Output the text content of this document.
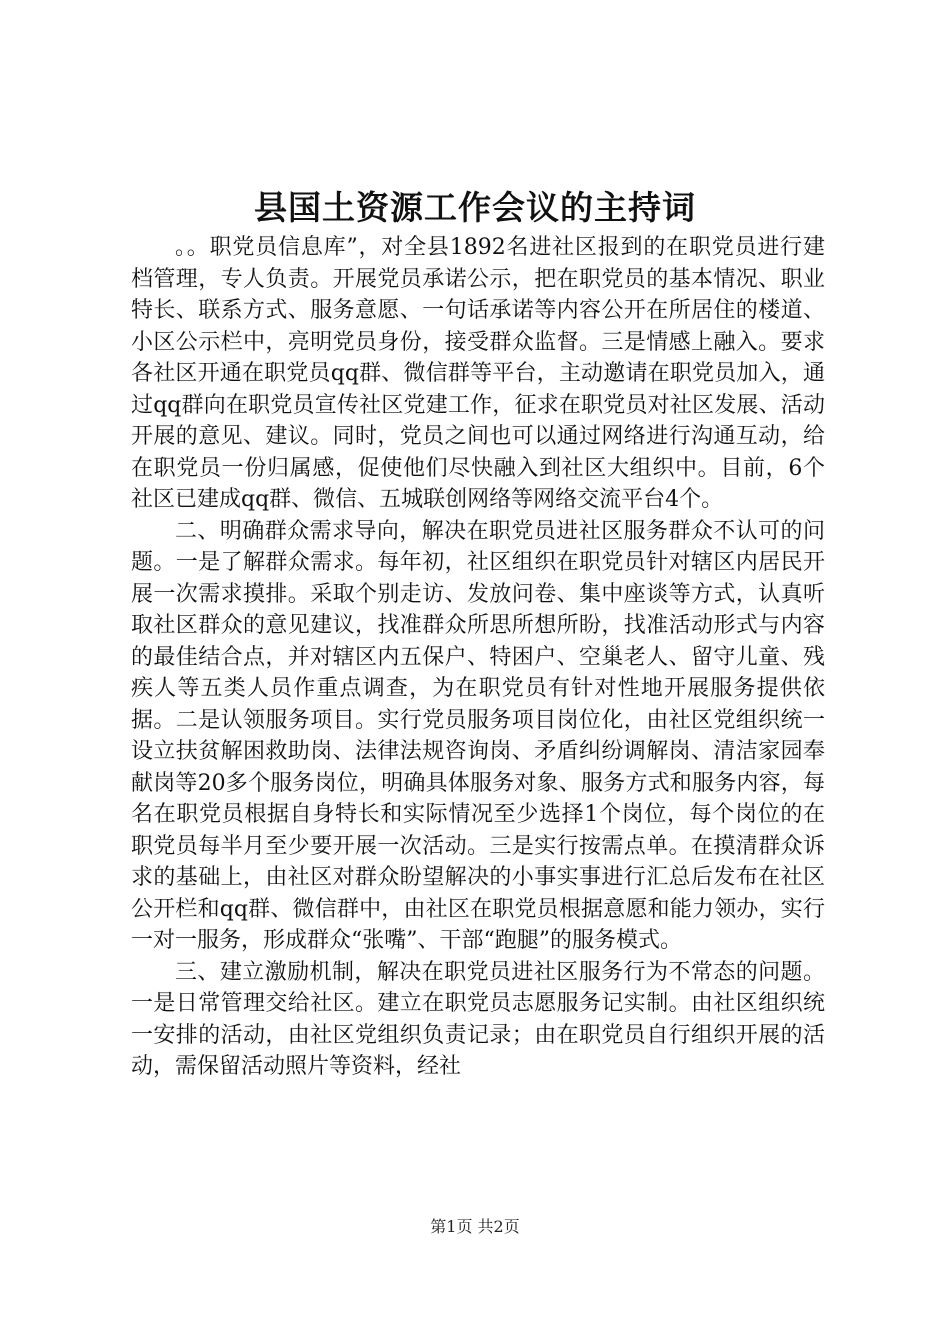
县国土资源工作会议的主持词

。。职党员信息库”，对全县1892名进社区报到的在职党员进行建档管理，专人负责。开展党员承诺公示，把在职党员的基本情况、职业特长、联系方式、服务意愿、一句话承诺等内容公开在所居住的楼道、小区公示栏中，亮明党员身份，接受群众监督。三是情感上融入。要求各社区开通在职党员qq群、微信群等平台，主动邀请在职党员加入，通过qq群向在职党员宣传社区党建工作，征求在职党员对社区发展、活动开展的意见、建议。同时，党员之间也可以通过网络进行沟通互动，给在职党员一份归属感，促使他们尽快融入到社区大组织中。目前，6个社区已建成qq群、微信、五城联创网络等网络交流平台4个。

二、明确群众需求导向，解决在职党员进社区服务群众不认可的问题。一是了解群众需求。每年初，社区组织在职党员针对辖区内居民开展一次需求摸排。采取个别走访、发放问卷、集中座谈等方式，认真听取社区群众的意见建议，找准群众所思所想所盼，找准活动形式与内容的最佳结合点，并对辖区内五保户、特困户、空巢老人、留守儿童、残疾人等五类人员作重点调查，为在职党员有针对性地开展服务提供依据。二是认领服务项目。实行党员服务项目岗位化，由社区党组织统一设立扶贫解困救助岗、法律法规咨询岗、矛盾纠纷调解岗、清洁家园奉献岗等20多个服务岗位，明确具体服务对象、服务方式和服务内容，每名在职党员根据自身特长和实际情况至少选择1个岗位，每个岗位的在职党员每半月至少要开展一次活动。三是实行按需点单。在摸清群众诉求的基础上，由社区对群众盼望解决的小事实事进行汇总后发布在社区公开栏和qq群、微信群中，由社区在职党员根据意愿和能力领办，实行一对一服务，形成群众“张嘴”、干部“跑腿”的服务模式。

三、建立激励机制，解决在职党员进社区服务行为不常态的问题。一是日常管理交给社区。建立在职党员志愿服务记实制。由社区组织统一安排的活动，由社区党组织负责记录；由在职党员自行组织开展的活动，需保留活动照片等资料，经社

第1页 共2页
